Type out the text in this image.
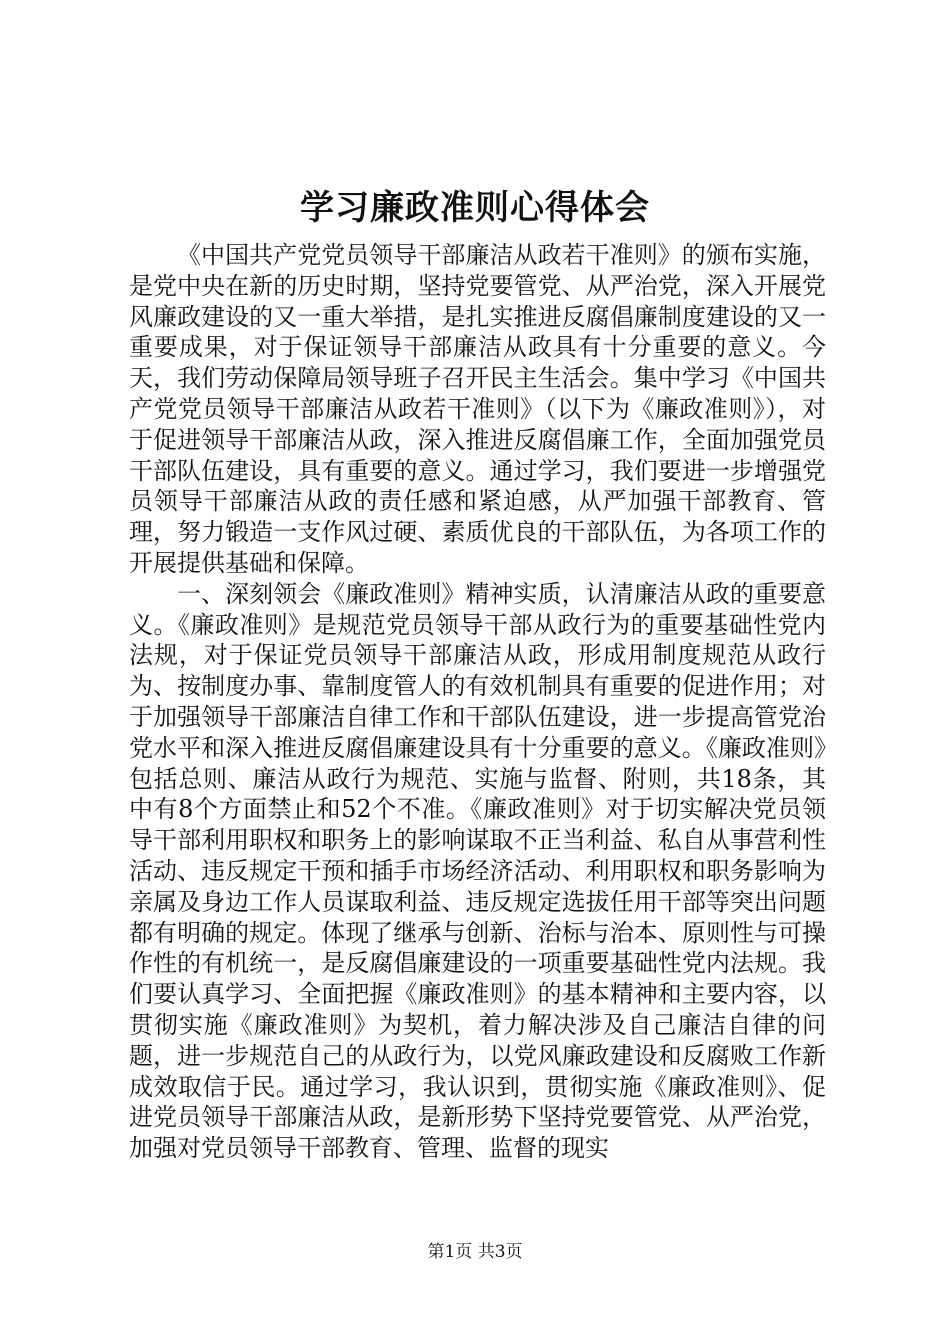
学习廉政准则心得体会

《中国共产党党员领导干部廉洁从政若干准则》的颁布实施，是党中央在新的历史时期，坚持党要管党、从严治党，深入开展党风廉政建设的又一重大举措，是扎实推进反腐倡廉制度建设的又一重要成果，对于保证领导干部廉洁从政具有十分重要的意义。今天，我们劳动保障局领导班子召开民主生活会。集中学习《中国共产党党员领导干部廉洁从政若干准则》（以下为《廉政准则》），对于促进领导干部廉洁从政，深入推进反腐倡廉工作，全面加强党员干部队伍建设，具有重要的意义。通过学习，我们要进一步增强党员领导干部廉洁从政的责任感和紧迫感，从严加强干部教育、管理，努力锻造一支作风过硬、素质优良的干部队伍，为各项工作的开展提供基础和保障。

一、深刻领会《廉政准则》精神实质，认清廉洁从政的重要意义。《廉政准则》是规范党员领导干部从政行为的重要基础性党内法规，对于保证党员领导干部廉洁从政，形成用制度规范从政行为、按制度办事、靠制度管人的有效机制具有重要的促进作用；对于加强领导干部廉洁自律工作和干部队伍建设，进一步提高管党治党水平和深入推进反腐倡廉建设具有十分重要的意义。《廉政准则》包括总则、廉洁从政行为规范、实施与监督、附则，共18条，其中有8个方面禁止和52个不准。《廉政准则》对于切实解决党员领导干部利用职权和职务上的影响谋取不正当利益、私自从事营利性活动、违反规定干预和插手市场经济活动、利用职权和职务影响为亲属及身边工作人员谋取利益、违反规定选拔任用干部等突出问题都有明确的规定。体现了继承与创新、治标与治本、原则性与可操作性的有机统一，是反腐倡廉建设的一项重要基础性党内法规。我们要认真学习、全面把握《廉政准则》的基本精神和主要内容，以贯彻实施《廉政准则》为契机，着力解决涉及自己廉洁自律的问题，进一步规范自己的从政行为，以党风廉政建设和反腐败工作新成效取信于民。通过学习，我认识到，贯彻实施《廉政准则》、促进党员领导干部廉洁从政，是新形势下坚持党要管党、从严治党，加强对党员领导干部教育、管理、监督的现实

第1页 共3页
